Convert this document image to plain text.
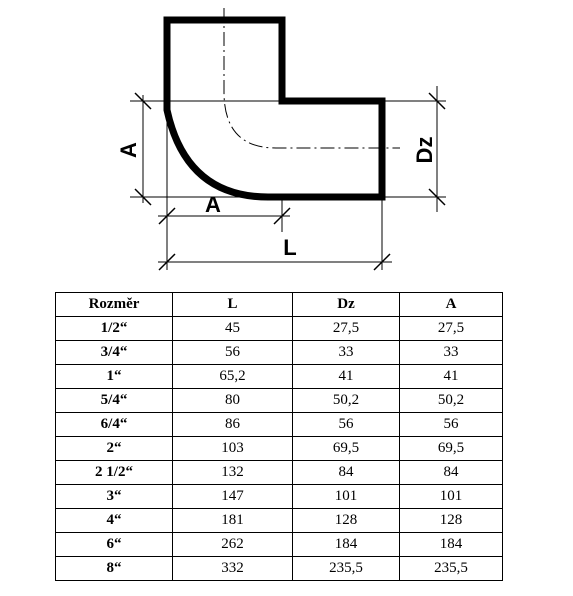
A
A
Dz
L
Rozměr	L	Dz	A
1/2“	45	27,5	27,5
3/4“	56	33	33
1“	65,2	41	41
5/4“	80	50,2	50,2
6/4“	86	56	56
2“	103	69,5	69,5
2 1/2“	132	84	84
3“	147	101	101
4“	181	128	128
6“	262	184	184
8“	332	235,5	235,5
